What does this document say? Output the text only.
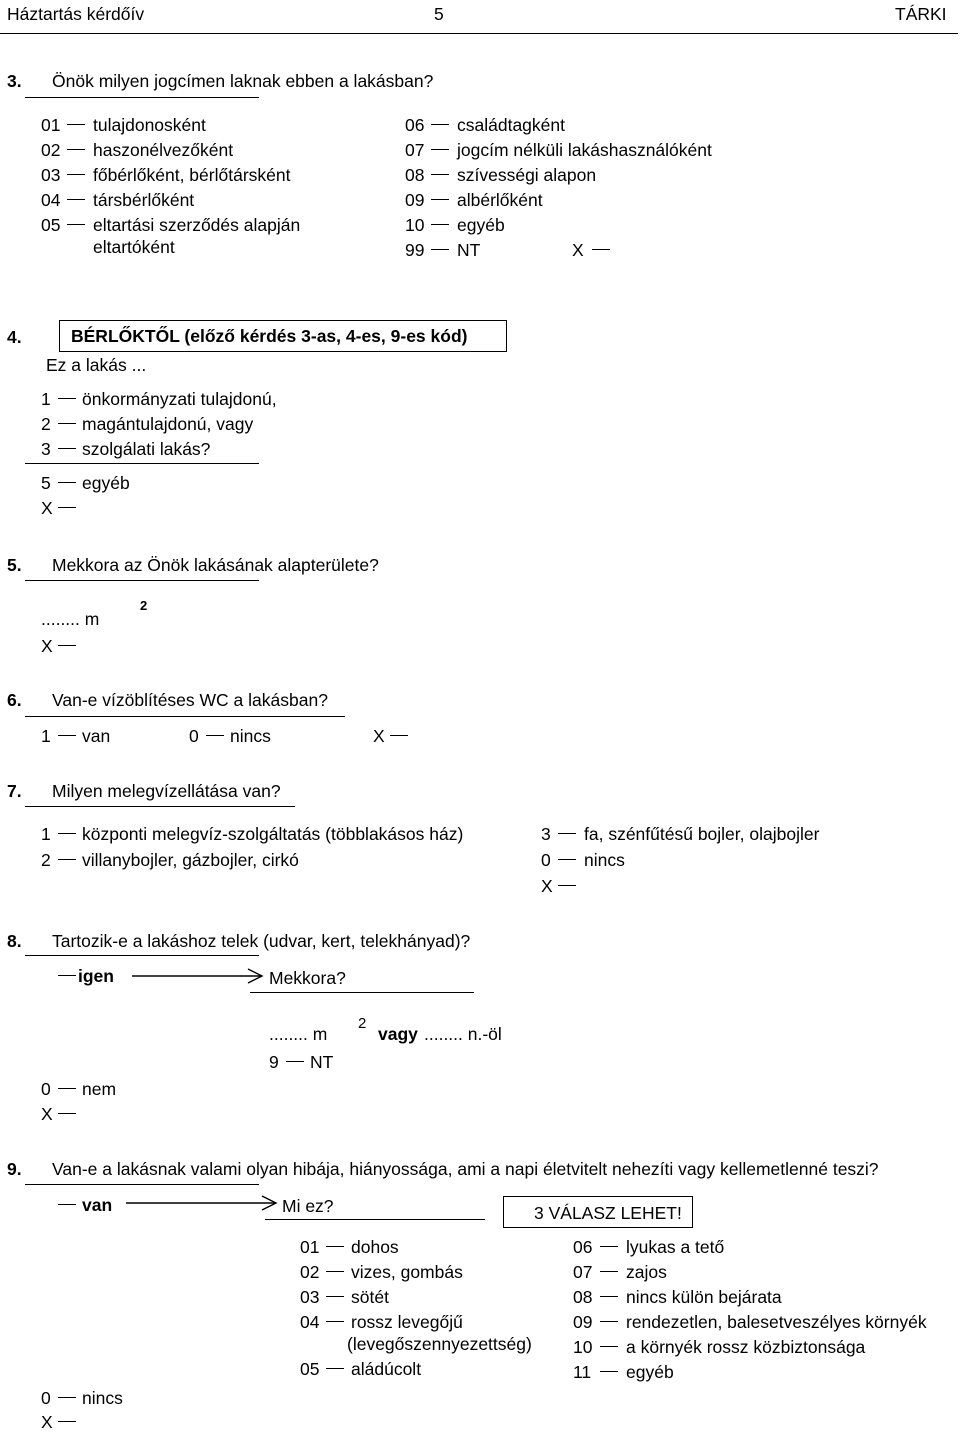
Háztartás kérdőív	5	TÁRKI
3. Önök milyen jogcímen laknak ebben a lakásban?
01 tulajdonosként
02 haszonélvezőként
03 főbérlőként, bérlőtársként
04 társbérlőként
05 eltartási szerződés alapján
eltartóként
06 családtagként
07 jogcím nélküli lakáshasználóként
08 szívességi alapon
09 albérlőként
10 egyéb
99 NT	X
4.	BÉRLŐKTŐL (előző kérdés 3-as, 4-es, 9-es kód)
Ez a lakás ...
1 önkormányzati tulajdonú,
2 magántulajdonú, vagy
3 szolgálati lakás?
5 egyéb
X
5. Mekkora az Önök lakásának alapterülete?
........ m
2
X
6. Van-e vízöblítéses WC a lakásban?
1 van	0 nincs	X
7. Milyen melegvízellátása van?
1 központi melegvíz-szolgáltatás (többlakásos ház)
2 villanybojler, gázbojler, cirkó
3 fa, szénfűtésű bojler, olajbojler
0 nincs
X
8. Tartozik-e a lakáshoz telek (udvar, kert, telekhányad)?
igen	Mekkora?
........ m
2
vagy ........ n.-öl
9 NT
0 nem
X
9. Van-e a lakásnak valami olyan hibája, hiányossága, ami a napi életvitelt nehezíti vagy kellemetlenné teszi?
van	Mi ez?	3 VÁLASZ LEHET!
01 dohos
02 vizes, gombás
03 sötét
04 rossz levegőjű
(levegőszennyezettség)
05 aládúcolt
06 lyukas a tető
07 zajos
08 nincs külön bejárata
09 rendezetlen, balesetveszélyes környék
10 a környék rossz közbiztonsága
11 egyéb
0 nincs
X
